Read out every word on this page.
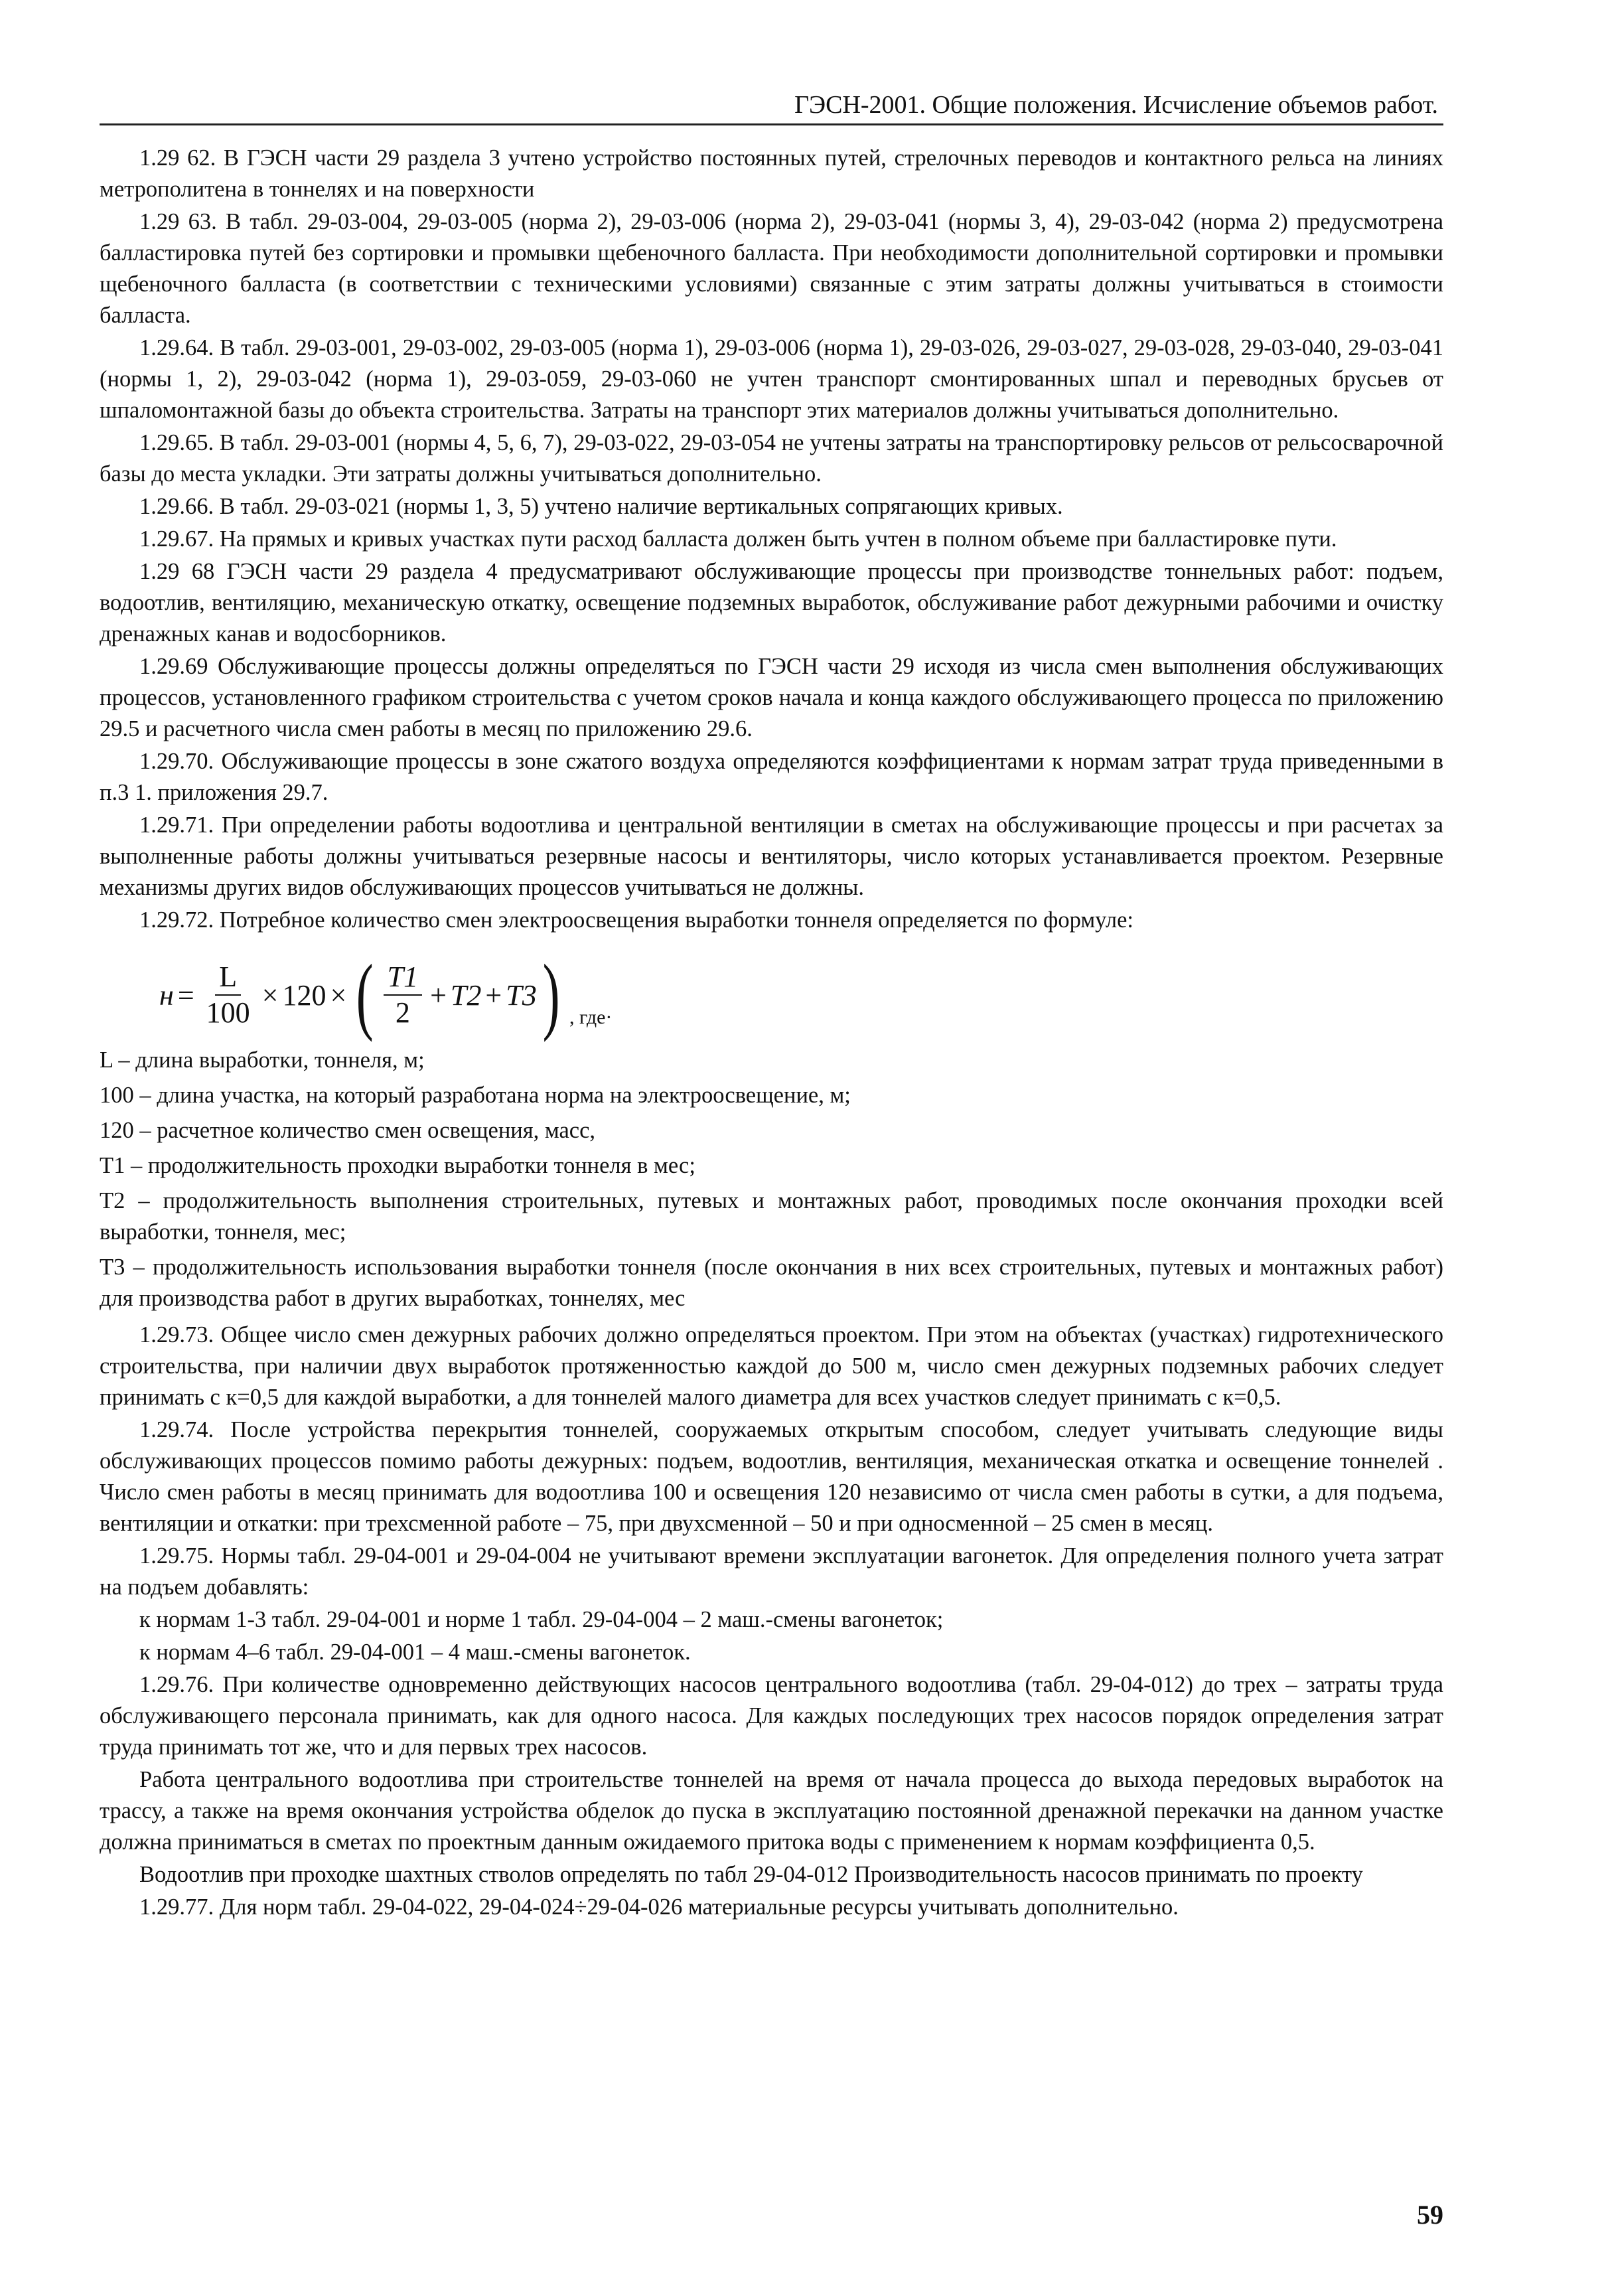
ГЭСН-2001. Общие положения. Исчисление объемов работ.

1.29 62. В ГЭСН части 29 раздела 3 учтено устройство постоянных путей, стрелочных переводов и контактного рельса на линиях метрополитена в тоннелях и на поверхности

1.29 63. В табл. 29-03-004, 29-03-005 (норма 2), 29-03-006 (норма 2), 29-03-041 (нормы 3, 4), 29-03-042 (норма 2) предусмотрена балластировка путей без сортировки и промывки щебеночного балласта. При необходимости дополнительной сортировки и промывки щебеночного балласта (в соответствии с техническими условиями) связанные с этим затраты должны учитываться в стоимости балласта.

1.29.64. В табл. 29-03-001, 29-03-002, 29-03-005 (норма 1), 29-03-006 (норма 1), 29-03-026, 29-03-027, 29-03-028, 29-03-040, 29-03-041 (нормы 1, 2), 29-03-042 (норма 1), 29-03-059, 29-03-060 не учтен транспорт смонтированных шпал и переводных брусьев от шпаломонтажной базы до объекта строительства. Затраты на транспорт этих материалов должны учитываться дополнительно.

1.29.65. В табл. 29-03-001 (нормы 4, 5, 6, 7), 29-03-022, 29-03-054 не учтены затраты на транспортировку рельсов от рельсосварочной базы до места укладки. Эти затраты должны учитываться дополнительно.

1.29.66. В табл. 29-03-021 (нормы 1, 3, 5) учтено наличие вертикальных сопрягающих кривых.

1.29.67. На прямых и кривых участках пути расход балласта должен быть учтен в полном объеме при балластировке пути.

1.29 68 ГЭСН части 29 раздела 4 предусматривают обслуживающие процессы при производстве тоннельных работ: подъем, водоотлив, вентиляцию, механическую откатку, освещение подземных выработок, обслуживание работ дежурными рабочими и очистку дренажных канав и водосборников.

1.29.69 Обслуживающие процессы должны определяться по ГЭСН части 29 исходя из числа смен выполнения обслуживающих процессов, установленного графиком строительства с учетом сроков начала и конца каждого обслуживающего процесса по приложению 29.5 и расчетного числа смен работы в месяц по приложению 29.6.

1.29.70. Обслуживающие процессы в зоне сжатого воздуха определяются коэффициентами к нормам затрат труда приведенными в п.3 1. приложения 29.7.

1.29.71. При определении работы водоотлива и центральной вентиляции в сметах на обслуживающие процессы и при расчетах за выполненные работы должны учитываться резервные насосы и вентиляторы, число которых устанавливается проектом. Резервные механизмы других видов обслуживающих процессов учитываться не должны.

1.29.72. Потребное количество смен электроосвещения выработки тоннеля определяется по формуле:

$н = \frac{L}{100} \times 120$ × ( $\frac{Т1}{2} + Т2 + Т3$ ) , где·

L – длина выработки, тоннеля, м;

100 – длина участка, на который разработана норма на электроосвещение, м;

120 – расчетное количество смен освещения, масс,

Т1 – продолжительность проходки выработки тоннеля в мес;

Т2 – продолжительность выполнения строительных, путевых и монтажных работ, проводимых после окончания проходки всей выработки, тоннеля, мес;

Т3 – продолжительность использования выработки тоннеля (после окончания в них всех строительных, путевых и монтажных работ) для производства работ в других выработках, тоннелях, мес

1.29.73. Общее число смен дежурных рабочих должно определяться проектом. При этом на объектах (участках) гидротехнического строительства, при наличии двух выработок протяженностью каждой до 500 м, число смен дежурных подземных рабочих следует принимать с к=0,5 для каждой выработки, а для тоннелей малого диаметра для всех участков следует принимать с к=0,5.

1.29.74. После устройства перекрытия тоннелей, сооружаемых открытым способом, следует учитывать следующие виды обслуживающих процессов помимо работы дежурных: подъем, водоотлив, вентиляция, механическая откатка и освещение тоннелей . Число смен работы в месяц принимать для водоотлива 100 и освещения 120 независимо от числа смен работы в сутки, а для подъема, вентиляции и откатки: при трехсменной работе – 75, при двухсменной – 50 и при односменной – 25 смен в месяц.

1.29.75. Нормы табл. 29-04-001 и 29-04-004 не учитывают времени эксплуатации вагонеток. Для определения полного учета затрат на подъем добавлять:

к нормам 1-3 табл. 29-04-001 и норме 1 табл. 29-04-004 – 2 маш.-смены вагонеток;

к нормам 4–6 табл. 29-04-001 – 4 маш.-смены вагонеток.

1.29.76. При количестве одновременно действующих насосов центрального водоотлива (табл. 29-04-012) до трех – затраты труда обслуживающего персонала принимать, как для одного насоса. Для каждых последующих трех насосов порядок определения затрат труда принимать тот же, что и для первых трех насосов.

Работа центрального водоотлива при строительстве тоннелей на время от начала процесса до выхода передовых выработок на трассу, а также на время окончания устройства обделок до пуска в эксплуатацию постоянной дренажной перекачки на данном участке должна приниматься в сметах по проектным данным ожидаемого притока воды с применением к нормам коэффициента 0,5.

Водоотлив при проходке шахтных стволов определять по табл 29-04-012 Производительность насосов принимать по проекту

1.29.77. Для норм табл. 29-04-022, 29-04-024÷29-04-026 материальные ресурсы учитывать дополнительно.

59
